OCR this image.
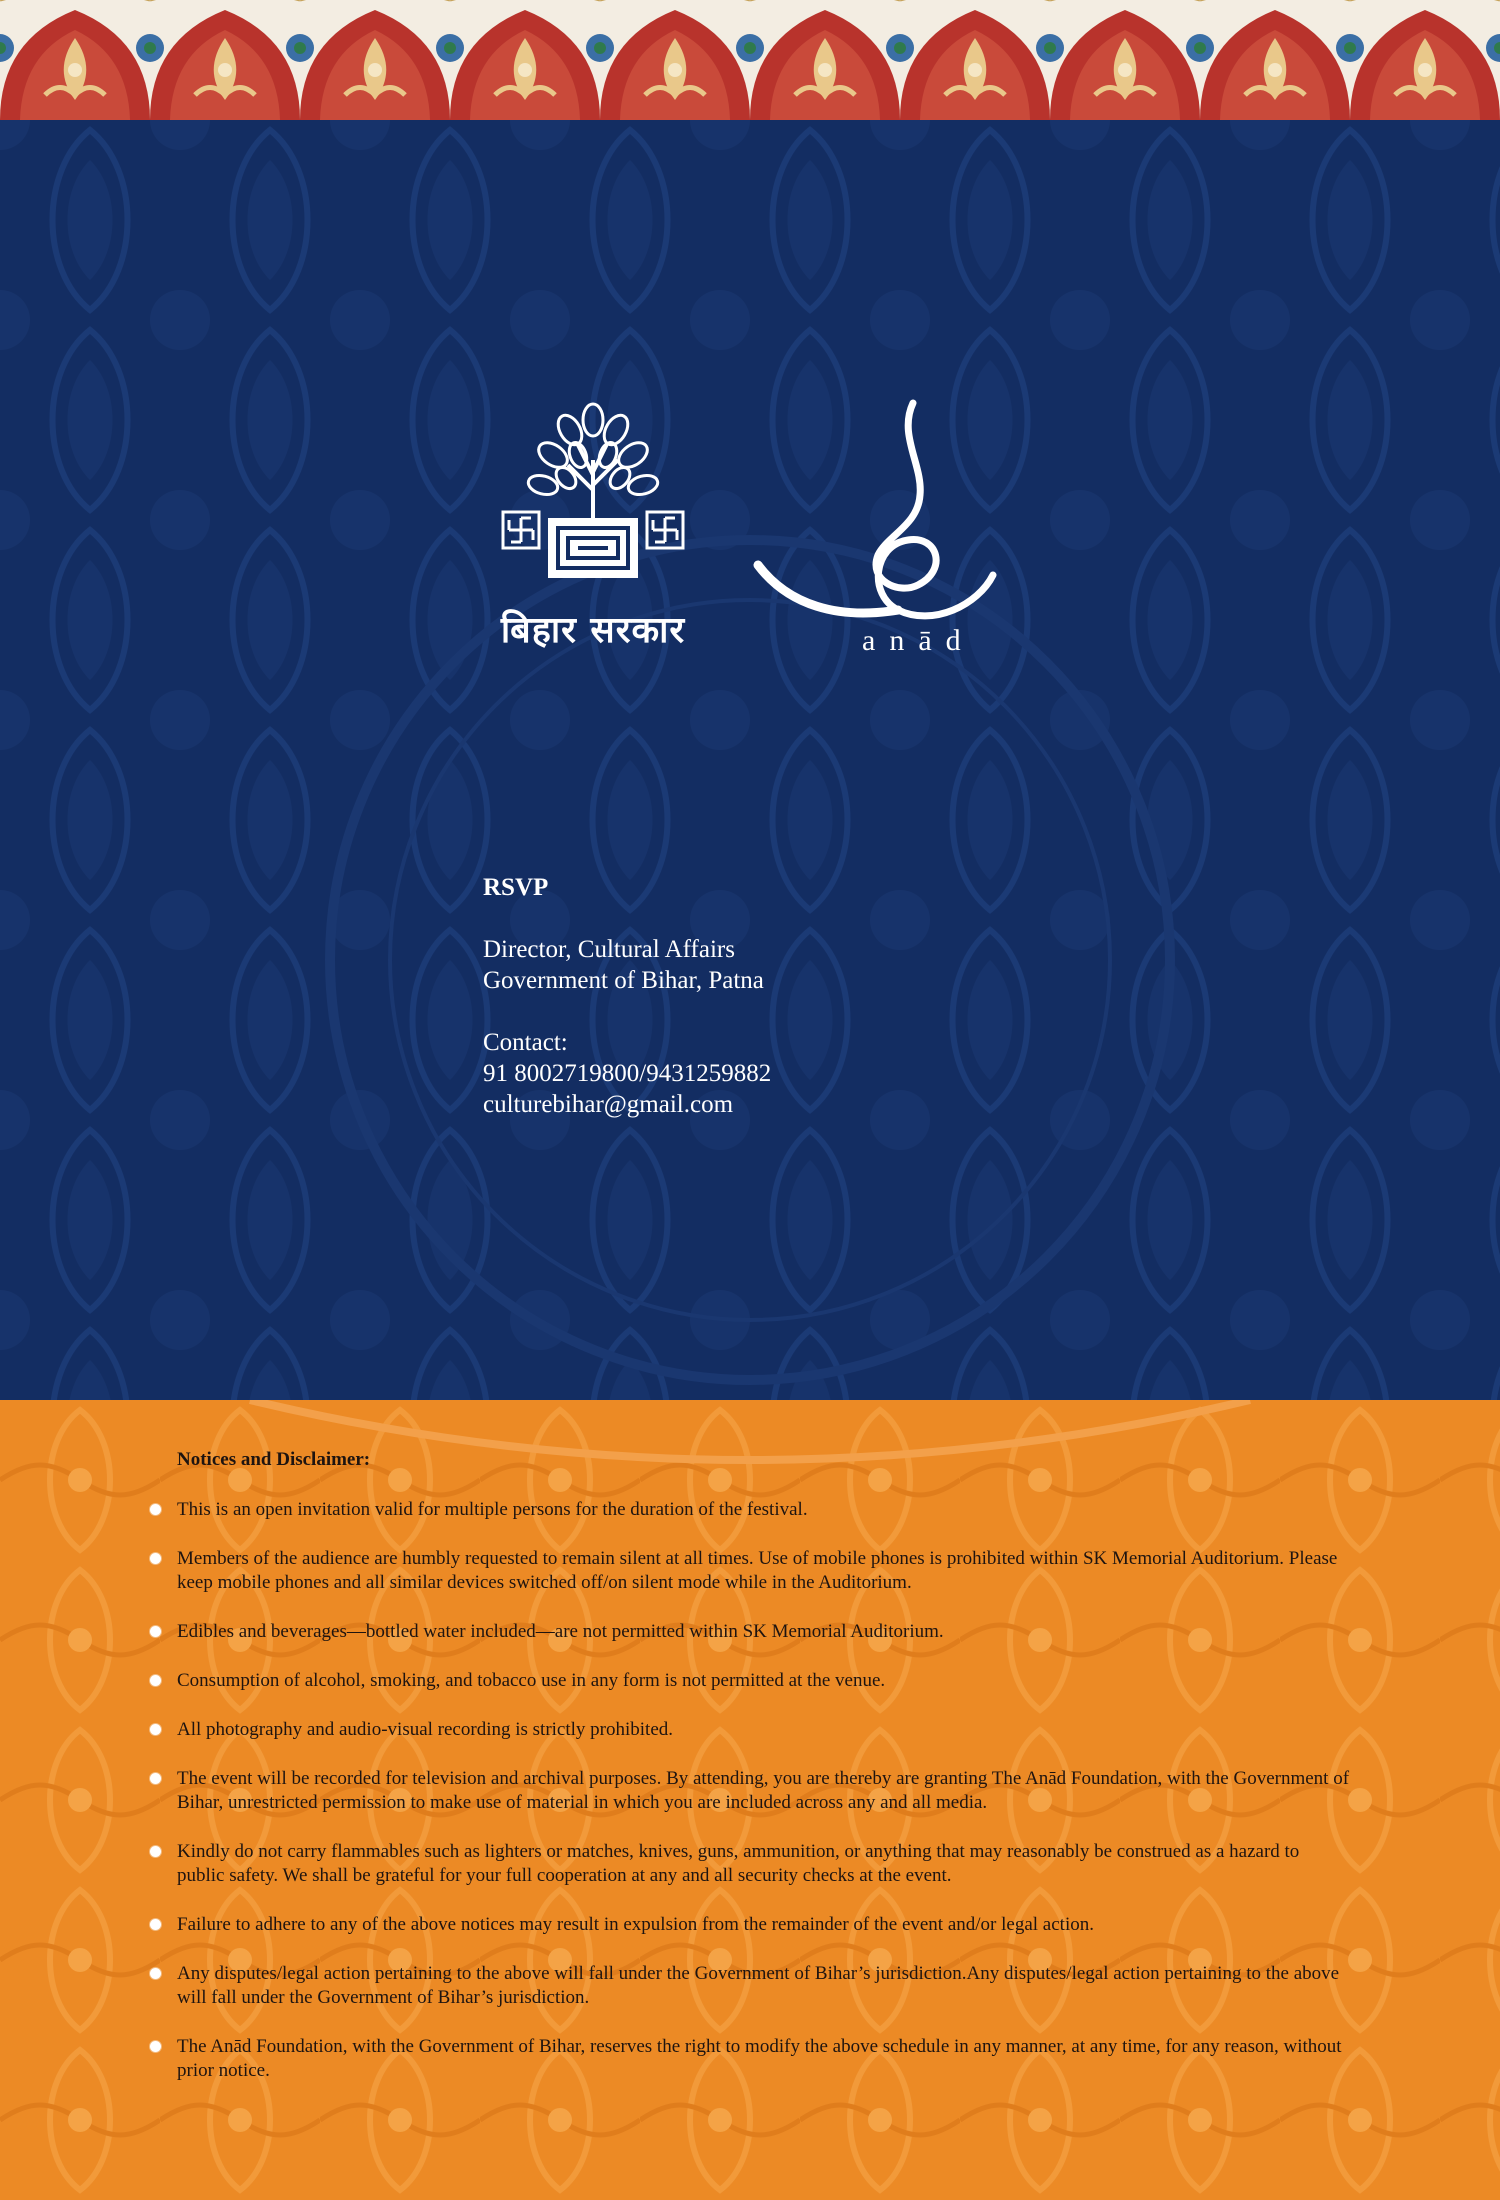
बिहार सरकार	anād
RSVP
Director, Cultural Affairs
Government of Bihar, Patna
Contact:
91 8002719800/9431259882
culturebihar@gmail.com
Notices and Disclaimer:
This is an open invitation valid for multiple persons for the duration of the festival.
Members of the audience are humbly requested to remain silent at all times. Use of mobile phones is prohibited within SK Memorial Auditorium. Please keep mobile phones and all similar devices switched off/on silent mode while in the Auditorium.
Edibles and beverages—bottled water included—are not permitted within SK Memorial Auditorium.
Consumption of alcohol, smoking, and tobacco use in any form is not permitted at the venue.
All photography and audio-visual recording is strictly prohibited.
The event will be recorded for television and archival purposes. By attending, you are thereby are granting The Anād Foundation, with the Government of Bihar, unrestricted permission to make use of material in which you are included across any and all media.
Kindly do not carry flammables such as lighters or matches, knives, guns, ammunition, or anything that may reasonably be construed as a hazard to public safety. We shall be grateful for your full cooperation at any and all security checks at the event.
Failure to adhere to any of the above notices may result in expulsion from the remainder of the event and/or legal action.
Any disputes/legal action pertaining to the above will fall under the Government of Bihar’s jurisdiction.Any disputes/legal action pertaining to the above will fall under the Government of Bihar’s jurisdiction.
The Anād Foundation, with the Government of Bihar, reserves the right to modify the above schedule in any manner, at any time, for any reason, without prior notice.
